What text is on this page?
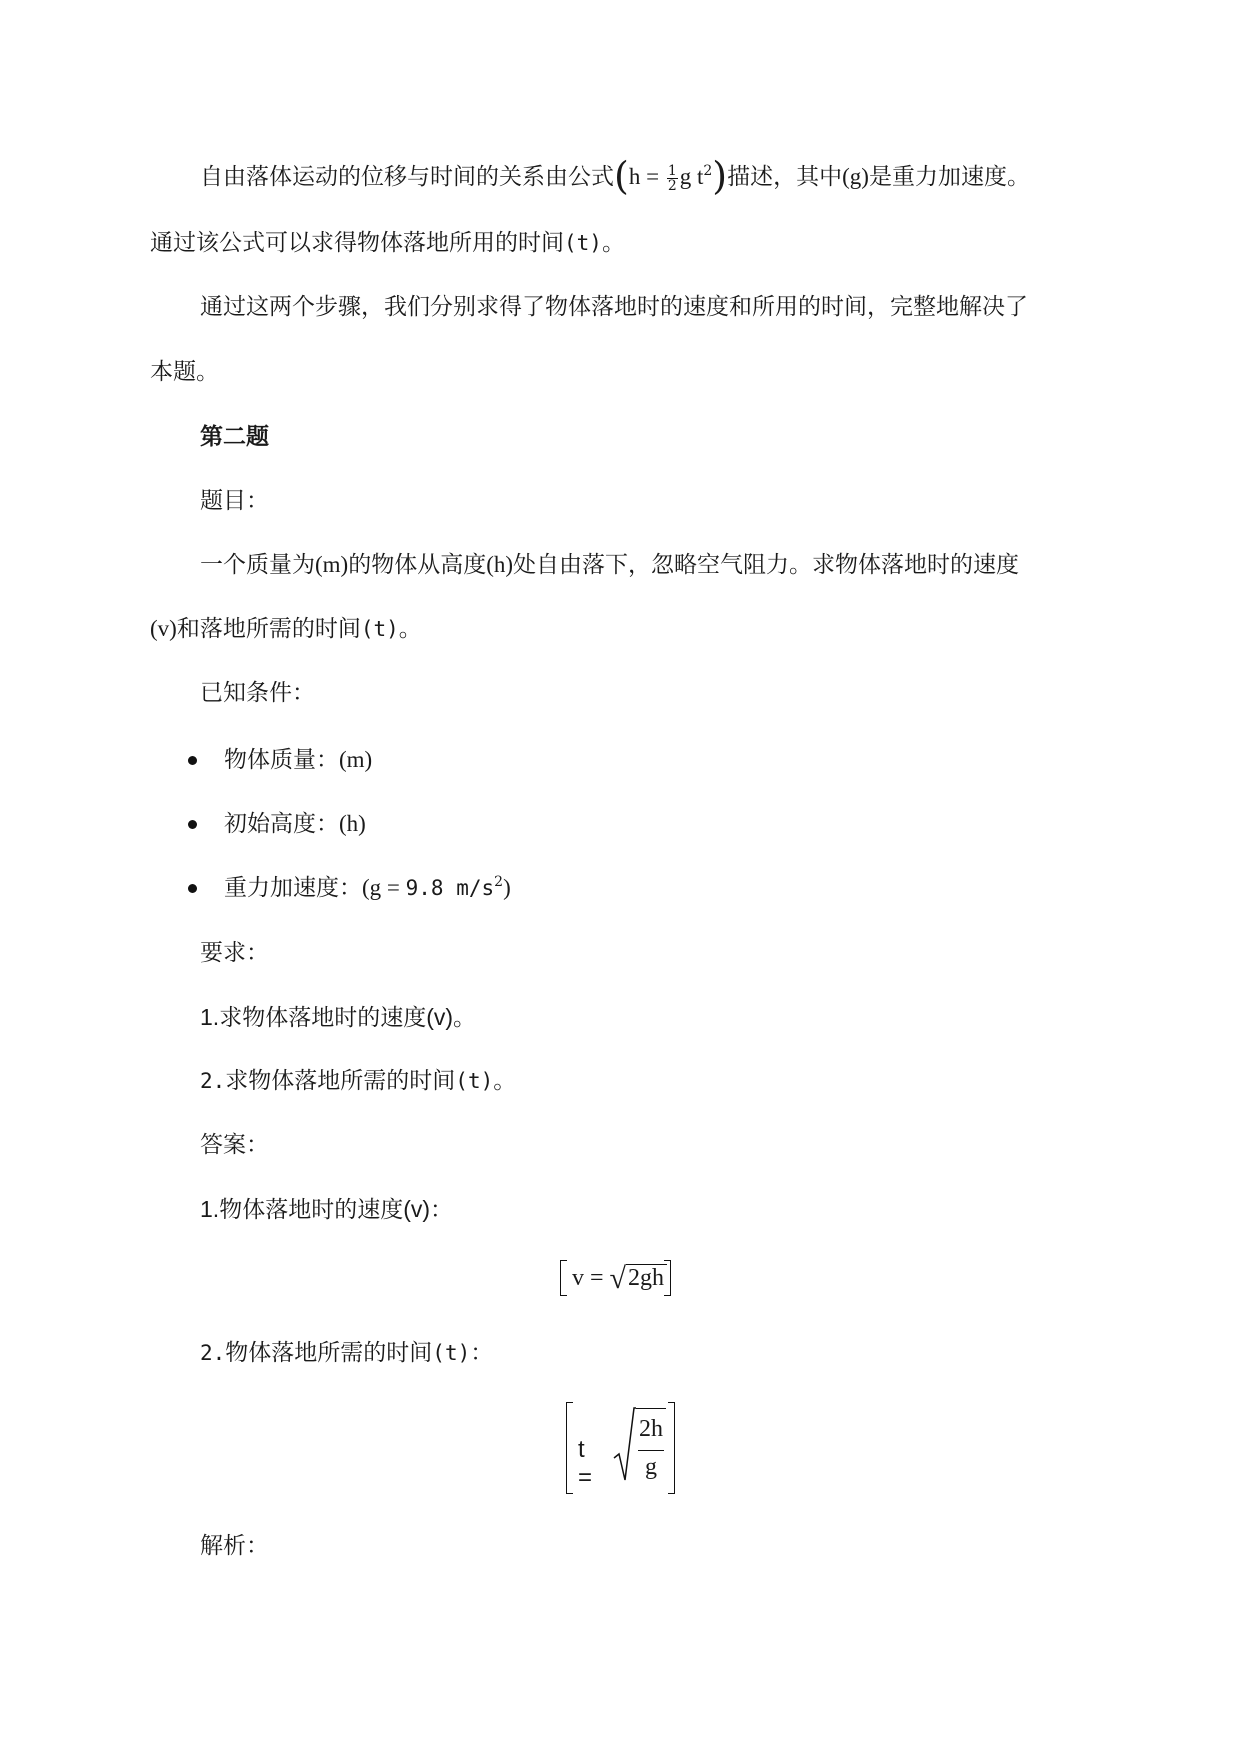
自由落体运动的位移与时间的关系由公式($h = \frac{1}{2}$ g $t^2$)描述，其中(g)是重力加速度。
通过该公式可以求得物体落地所用的时间(t)。
通过这两个步骤，我们分别求得了物体落地时的速度和所用的时间，完整地解决了
本题。
第二题
题目：
一个质量为(m)的物体从高度(h)处自由落下，忽略空气阻力。求物体落地时的速度
(v)和落地所需的时间(t)。
已知条件：
物体质量：(m)
初始高度：(h)
重力加速度：(g = 9.8 $m/s^2$)
要求：
1.求物体落地时的速度(v)。
2.求物体落地所需的时间(t)。
答案：
1.物体落地时的速度(v)：
v = √2gh
2.物体落地所需的时间(t)：
t =
2h
g
解析：
